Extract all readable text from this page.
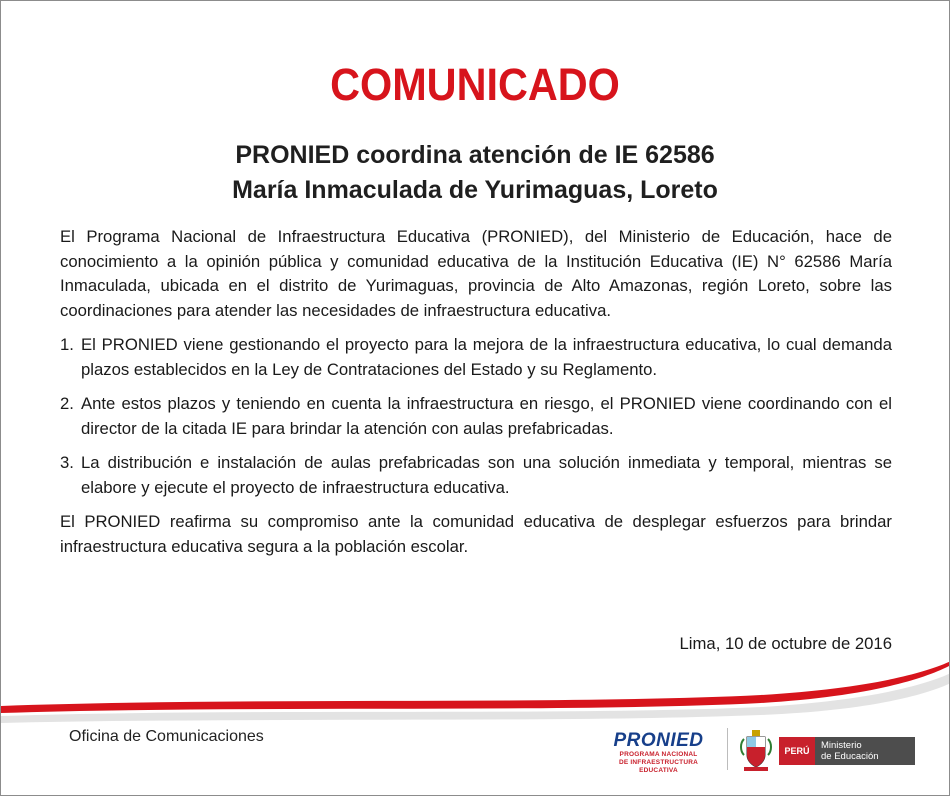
COMUNICADO
PRONIED coordina atención de IE 62586
María Inmaculada de Yurimaguas, Loreto

El Programa Nacional de Infraestructura Educativa (PRONIED), del Ministerio de Educación, hace de conocimiento a la opinión pública y comunidad educativa de la Institución Educativa (IE) N° 62586 María Inmaculada, ubicada en el distrito de Yurimaguas, provincia de Alto Amazonas, región Loreto, sobre las coordinaciones para atender las necesidades de infraestructura educativa.

1. El PRONIED viene gestionando el proyecto para la mejora de la infraestructura educativa, lo cual demanda plazos establecidos en la Ley de Contrataciones del Estado y su Reglamento.
2. Ante estos plazos y teniendo en cuenta la infraestructura en riesgo, el PRONIED viene coordinando con el director de la citada IE para brindar la atención con aulas prefabricadas.
3. La distribución e instalación de aulas prefabricadas son una solución inmediata y temporal, mientras se elabore y ejecute el proyecto de infraestructura educativa.

El PRONIED reafirma su compromiso ante la comunidad educativa de desplegar esfuerzos para brindar infraestructura educativa segura a la población escolar.

Lima, 10 de octubre de 2016
Oficina de Comunicaciones	PRONIED
PROGRAMA NACIONAL
DE INFRAESTRUCTURA EDUCATIVA
PERÚ	Ministerio
de Educación
